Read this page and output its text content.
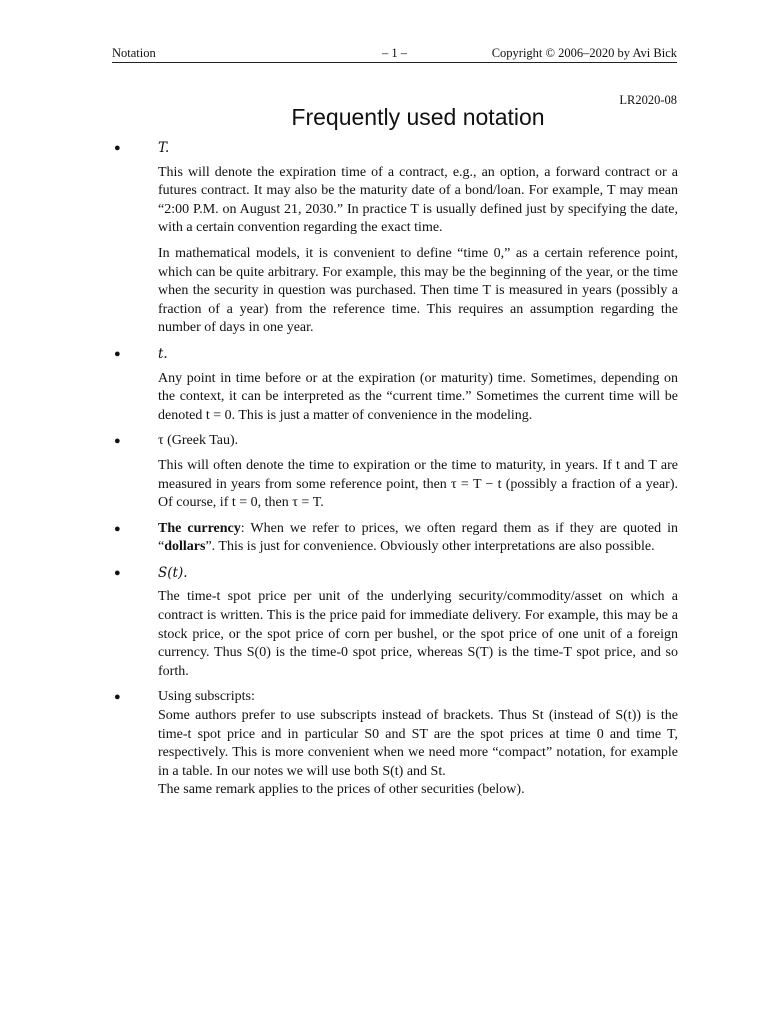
Notation	– 1 –	Copyright © 2006–2020 by Avi Bick
LR2020-08
Frequently used notation
●	T.

This will denote the expiration time of a contract, e.g., an option, a forward contract or a futures contract. It may also be the maturity date of a bond/loan. For example, T may mean “2:00 P.M. on August 21, 2030.” In practice T is usually defined just by specifying the date, with a certain convention regarding the exact time.

In mathematical models, it is convenient to define “time 0,” as a certain reference point, which can be quite arbitrary. For example, this may be the beginning of the year, or the time when the security in question was purchased. Then time T is measured in years (possibly a fraction of a year) from the reference time. This requires an assumption regarding the number of days in one year.

●	t.

Any point in time before or at the expiration (or maturity) time. Sometimes, depending on the context, it can be interpreted as the “current time.” Sometimes the current time will be denoted t = 0. This is just a matter of convenience in the modeling.

●	τ (Greek Tau).

This will often denote the time to expiration or the time to maturity, in years. If t and T are measured in years from some reference point, then τ = T − t (possibly a fraction of a year). Of course, if t = 0, then τ = T.

●	The currency: When we refer to prices, we often regard them as if they are quoted in “dollars”. This is just for convenience. Obviously other interpretations are also possible.

●	S(t).

The time-t spot price per unit of the underlying security/commodity/asset on which a contract is written. This is the price paid for immediate delivery. For example, this may be a stock price, or the spot price of corn per bushel, or the spot price of one unit of a foreign currency. Thus S(0) is the time-0 spot price, whereas S(T) is the time-T spot price, and so forth.

●	Using subscripts:

Some authors prefer to use subscripts instead of brackets. Thus St (instead of S(t)) is the time-t spot price and in particular S0 and ST are the spot prices at time 0 and time T, respectively. This is more convenient when we need more “compact” notation, for example in a table. In our notes we will use both S(t) and St.

The same remark applies to the prices of other securities (below).
